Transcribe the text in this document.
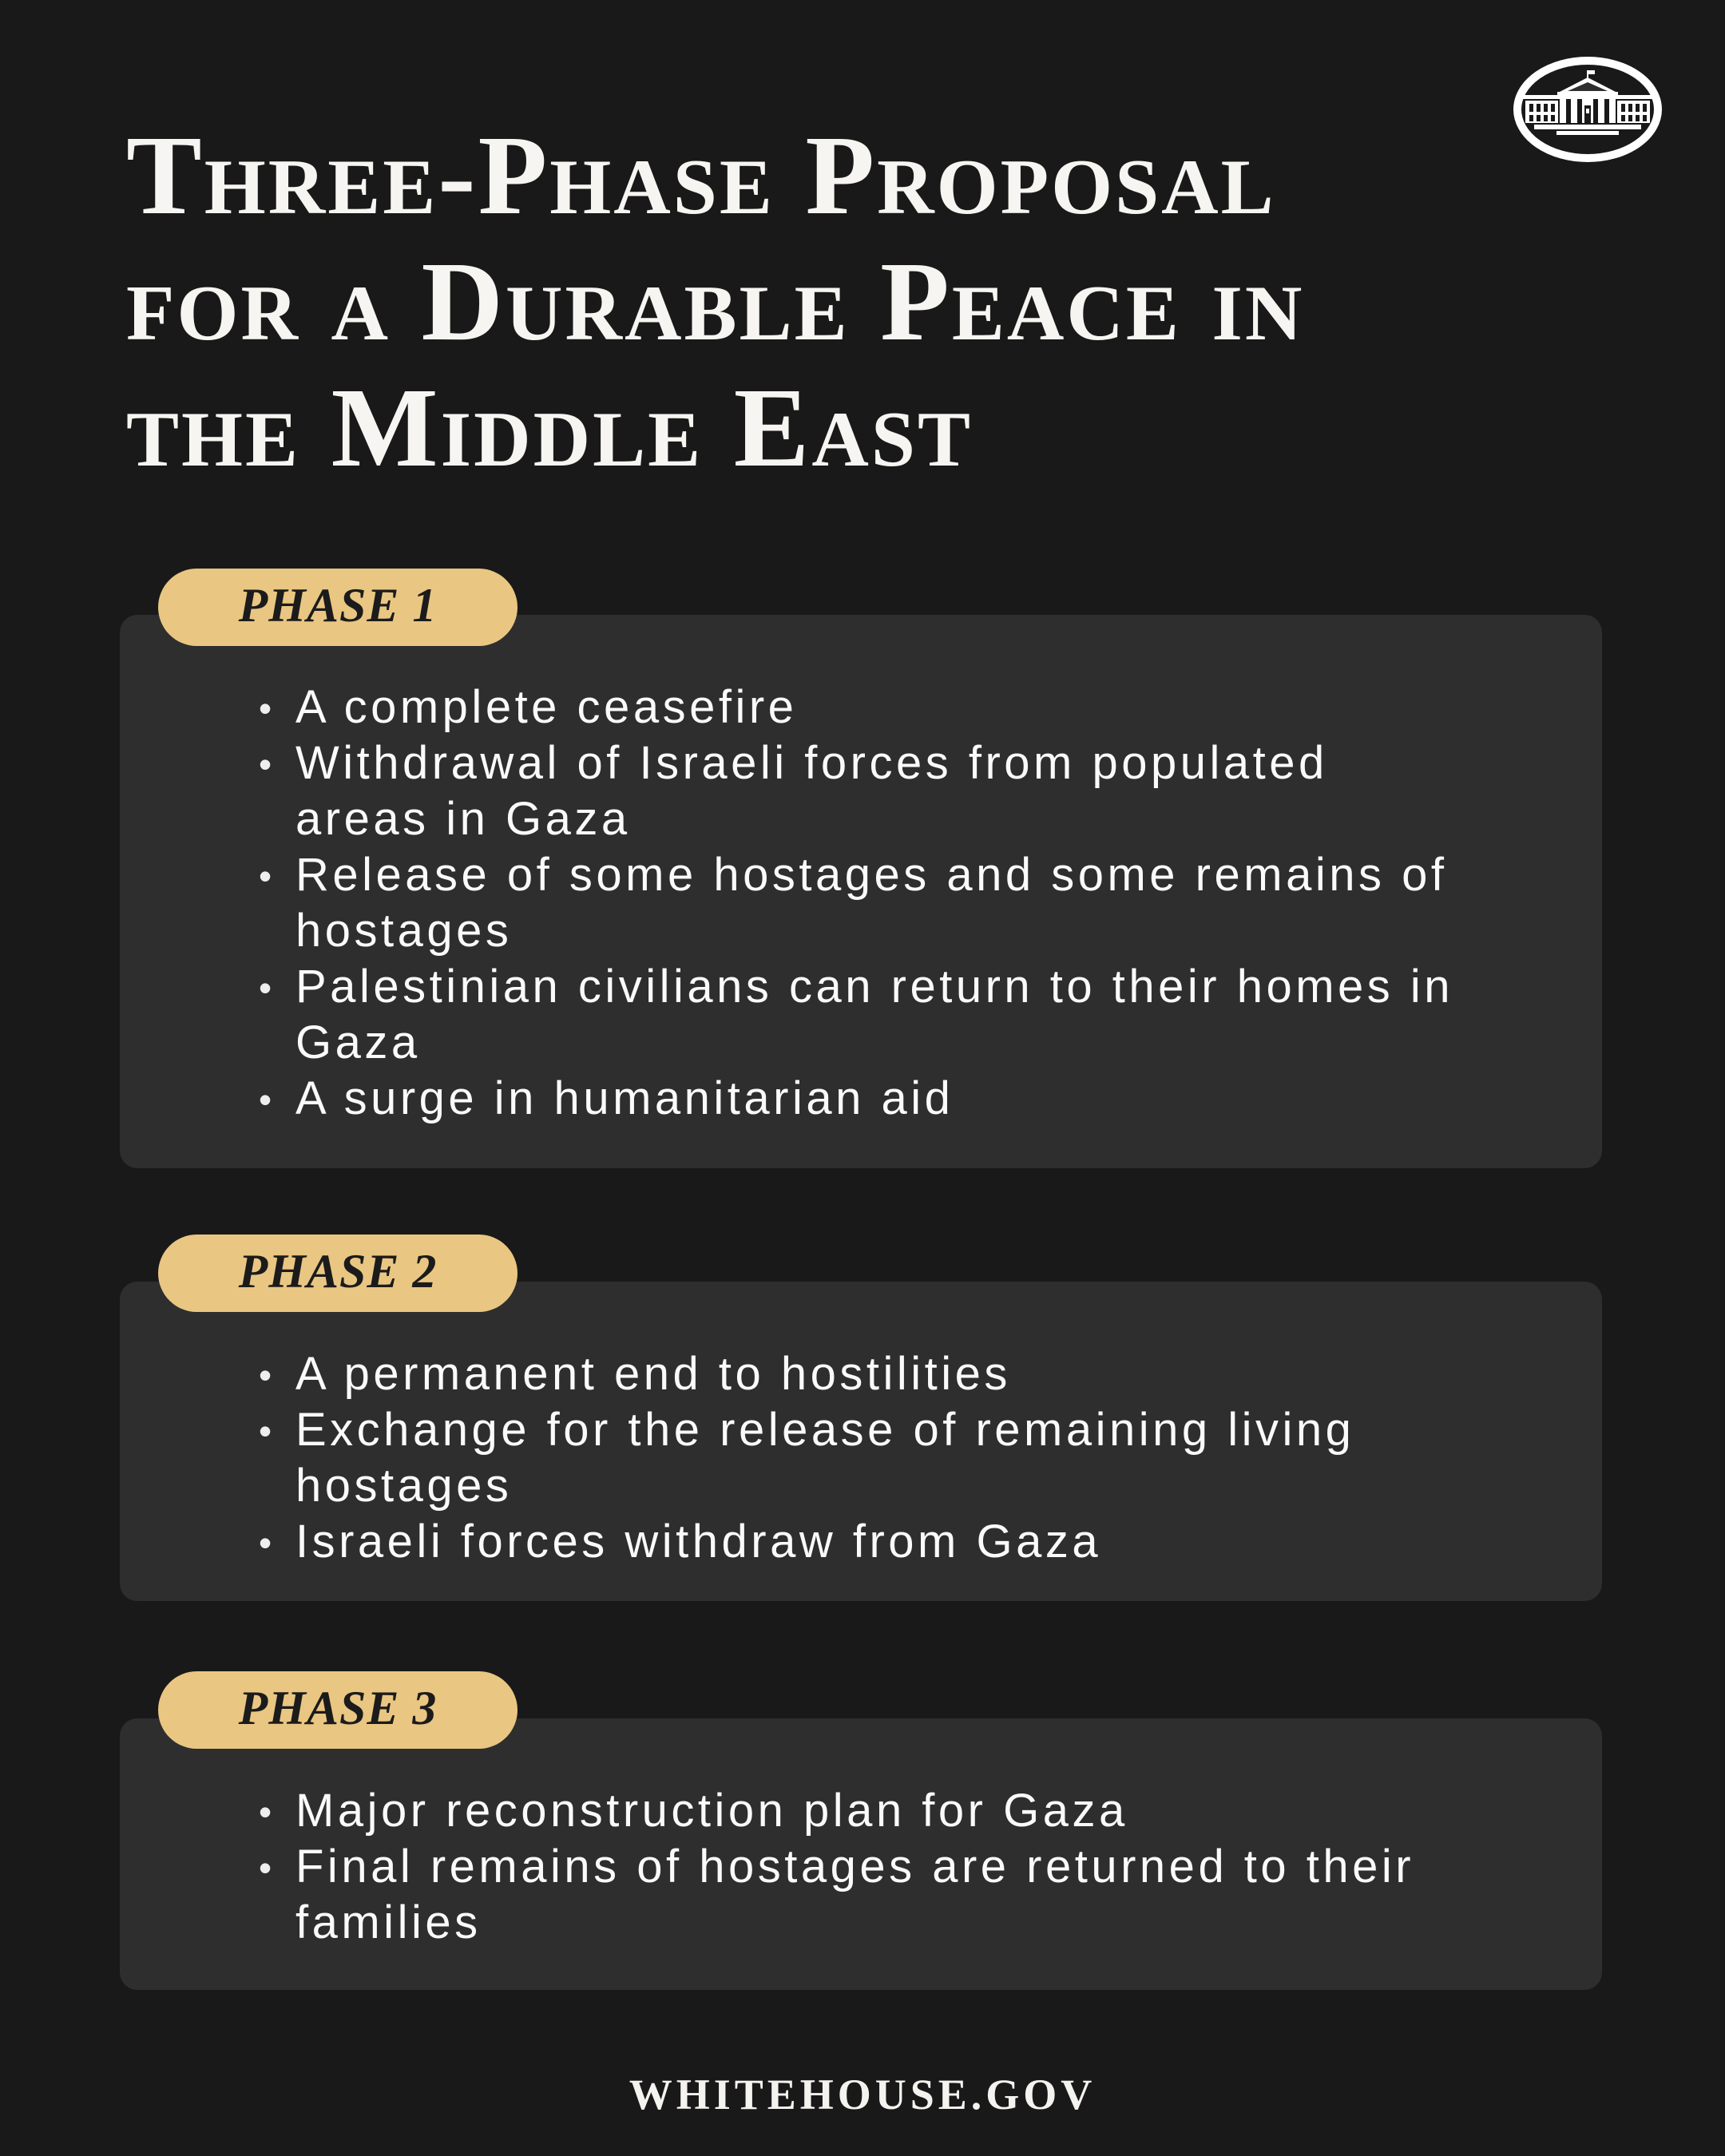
Three-Phase Proposal
for a Durable Peace in
the Middle East
PHASE 1
• A complete ceasefire
• Withdrawal of Israeli forces from populated areas in Gaza
• Release of some hostages and some remains of hostages
• Palestinian civilians can return to their homes in Gaza
• A surge in humanitarian aid
PHASE 2
• A permanent end to hostilities
• Exchange for the release of remaining living hostages
• Israeli forces withdraw from Gaza
PHASE 3
• Major reconstruction plan for Gaza
• Final remains of hostages are returned to their families
WHITEHOUSE.GOV
